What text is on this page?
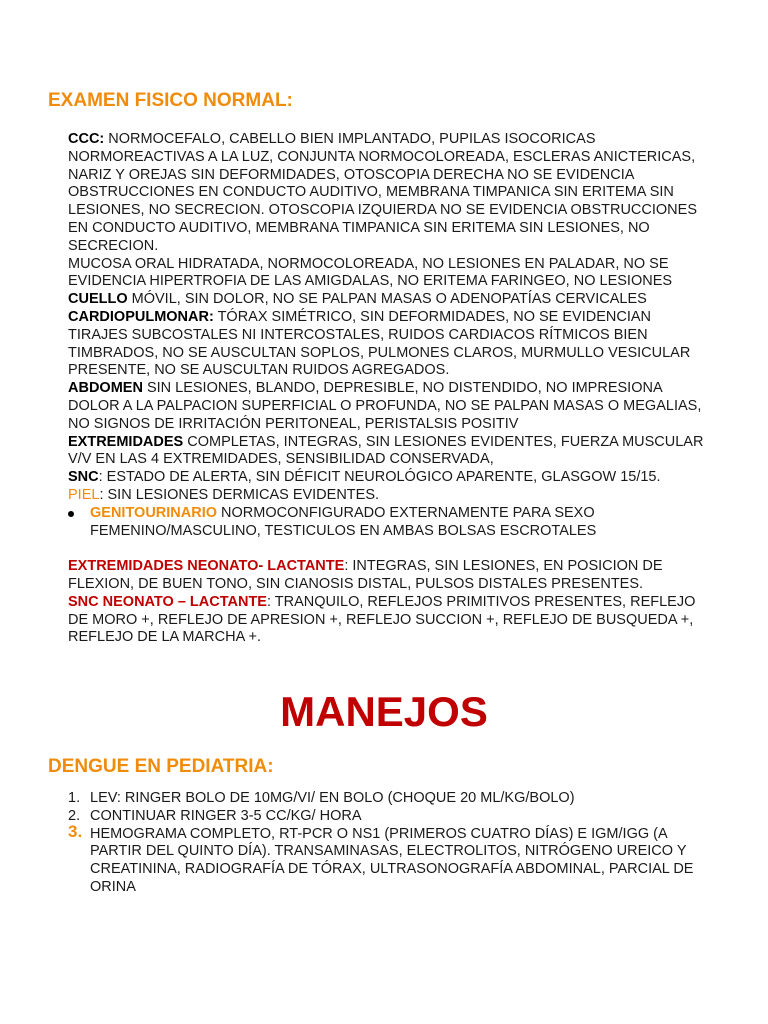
EXAMEN FISICO NORMAL:

CCC: NORMOCEFALO, CABELLO BIEN IMPLANTADO, PUPILAS ISOCORICAS NORMOREACTIVAS A LA LUZ, CONJUNTA NORMOCOLOREADA, ESCLERAS ANICTERICAS, NARIZ Y OREJAS SIN DEFORMIDADES, OTOSCOPIA DERECHA NO SE EVIDENCIA OBSTRUCCIONES EN CONDUCTO AUDITIVO, MEMBRANA TIMPANICA SIN ERITEMA SIN LESIONES, NO SECRECION. OTOSCOPIA IZQUIERDA NO SE EVIDENCIA OBSTRUCCIONES EN CONDUCTO AUDITIVO, MEMBRANA TIMPANICA SIN ERITEMA SIN LESIONES, NO SECRECION.

MUCOSA ORAL HIDRATADA, NORMOCOLOREADA, NO LESIONES EN PALADAR, NO SE EVIDENCIA HIPERTROFIA DE LAS AMIGDALAS, NO ERITEMA FARINGEO, NO LESIONES

CUELLO MÓVIL, SIN DOLOR, NO SE PALPAN MASAS O ADENOPATÍAS CERVICALES

CARDIOPULMONAR: TÓRAX SIMÉTRICO, SIN DEFORMIDADES, NO SE EVIDENCIAN TIRAJES SUBCOSTALES NI INTERCOSTALES, RUIDOS CARDIACOS RÍTMICOS BIEN TIMBRADOS, NO SE AUSCULTAN SOPLOS, PULMONES CLAROS, MURMULLO VESICULAR PRESENTE, NO SE AUSCULTAN RUIDOS AGREGADOS.

ABDOMEN SIN LESIONES, BLANDO, DEPRESIBLE, NO DISTENDIDO, NO IMPRESIONA DOLOR A LA PALPACION SUPERFICIAL O PROFUNDA, NO SE PALPAN MASAS O MEGALIAS, NO SIGNOS DE IRRITACIÓN PERITONEAL, PERISTALSIS POSITIV

EXTREMIDADES COMPLETAS, INTEGRAS, SIN LESIONES EVIDENTES, FUERZA MUSCULAR V/V EN LAS 4 EXTREMIDADES, SENSIBILIDAD CONSERVADA,

SNC: ESTADO DE ALERTA, SIN DÉFICIT NEUROLÓGICO APARENTE, GLASGOW 15/15.

PIEL: SIN LESIONES DERMICAS EVIDENTES.

GENITOURINARIO NORMOCONFIGURADO EXTERNAMENTE PARA SEXO FEMENINO/MASCULINO, TESTICULOS EN AMBAS BOLSAS ESCROTALES

EXTREMIDADES NEONATO- LACTANTE: INTEGRAS, SIN LESIONES, EN POSICION DE FLEXION, DE BUEN TONO, SIN CIANOSIS DISTAL, PULSOS DISTALES PRESENTES.

SNC NEONATO – LACTANTE: TRANQUILO, REFLEJOS PRIMITIVOS PRESENTES, REFLEJO DE MORO +, REFLEJO DE APRESION +, REFLEJO SUCCION +, REFLEJO DE BUSQUEDA +, REFLEJO DE LA MARCHA +.

MANEJOS
DENGUE EN PEDIATRIA:
1. LEV: RINGER BOLO DE 10MG/VI/ EN BOLO (CHOQUE 20 ML/KG/BOLO)
2. CONTINUAR RINGER 3-5 CC/KG/ HORA
3. HEMOGRAMA COMPLETO, RT-PCR O NS1 (PRIMEROS CUATRO DÍAS) E IGM/IGG (A PARTIR DEL QUINTO DÍA). TRANSAMINASAS, ELECTROLITOS, NITRÓGENO UREICO Y CREATININA, RADIOGRAFÍA DE TÓRAX, ULTRASONOGRAFÍA ABDOMINAL, PARCIAL DE ORINA
